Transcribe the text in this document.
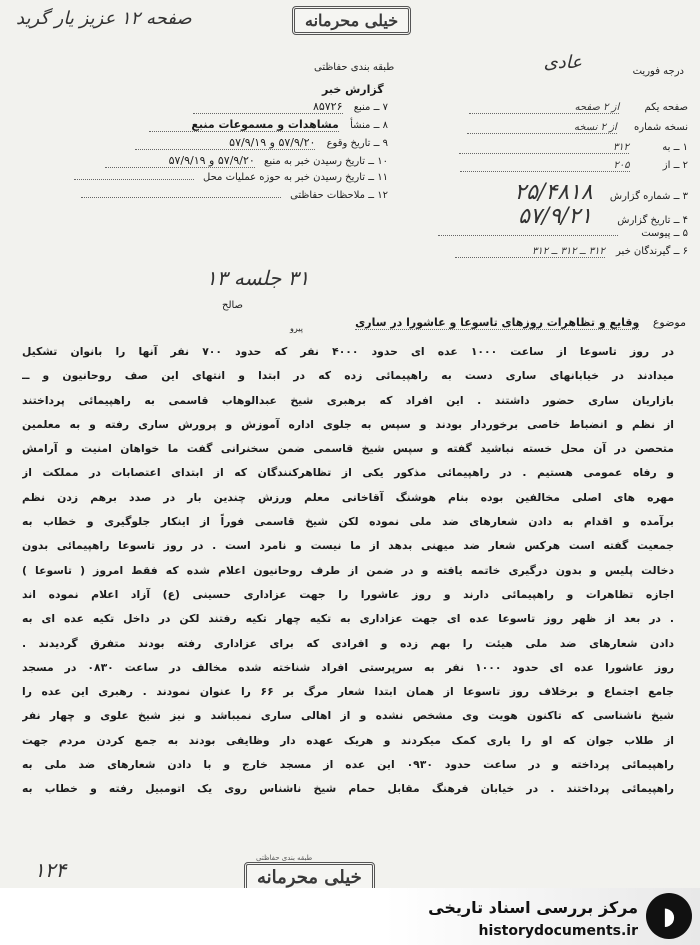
صفحه ۱۲ عزیز یار گرید	خیلی محرمانه
طبقه بندی حفاظتی
گزارش خبر
درجه فوریت
عادی
صفحه یکم از ۲ صفحه
نسخه شماره از ۲ نسخه
۱ ــ به ۳۱۲
۲ ــ از ۲۰۵
۳ ــ شماره گزارش ۲۵/۴۸۱۸
۴ ــ تاریخ گزارش ۵۷/۹/۲۱
۵ ــ پیوست
۶ ــ گیرندگان خبر ۳۱۲ ــ ۳۱۲ ــ ۳۱۲
۳۱ جلسه ۱۳
۷ ــ منبع ۸۵۷۲۶
۸ ــ منشأ مشاهدات و مسموعات منبع
۹ ــ تاریخ وقوع ۵۷/۹/۲۰ و ۵۷/۹/۱۹
۱۰ ــ تاریخ رسیدن خبر به منبع ۵۷/۹/۲۰ و ۵۷/۹/۱۹
۱۱ ــ تاریخ رسیدن خبر به حوزه عملیات محل
۱۲ ــ ملاحظات حفاظتی
صالح
پیرو	موضوع وقایع و تظاهرات روزهای تاسوعا و عاشورا در ساری
در روز تاسوعا از ساعت ۱۰۰۰ عده ای حدود ۴۰۰۰ نفر که حدود ۷۰۰ نفر آنها را بانوان تشکیل
میدادند در خیابانهای ساری دست به راهپیمائی زده که در ابتدا و انتهای این صف روحانیون و ــ
بازاریان ساری حضور داشتند . این افراد که برهبری شیخ عبدالوهاب قاسمی به راهپیمائی پرداختند
از نظم و انضباط خاصی برخوردار بودند و سپس به جلوی اداره آموزش و پرورش ساری رفته و به معلمین
متحصن در آن محل خسته نباشید گفته و سپس شیخ قاسمی ضمن سخنرانی گفت ما خواهان امنیت و آرامش
و رفاه عمومی هستیم . در راهپیمائی مذکور یکی از تظاهرکنندگان که از ابتدای اعتصابات در مملکت از
مهره های اصلی مخالفین بوده بنام هوشنگ آقاخانی معلم ورزش چندین بار در صدد برهم زدن نظم
برآمده و اقدام به دادن شعارهای ضد ملی نموده لکن شیخ قاسمی فوراً از اینکار جلوگیری و خطاب به
جمعیت گفته است هرکس شعار ضد میهنی بدهد از ما نیست و نامرد است . در روز تاسوعا راهپیمائی بدون
دخالت پلیس و بدون درگیری خاتمه یافته و در ضمن از طرف روحانیون اعلام شده که فقط امروز ( تاسوعا )
اجازه تظاهرات و راهپیمائی دارند و روز عاشورا را جهت عزاداری حسینی (ع) آزاد اعلام نموده اند
. در بعد از ظهر روز تاسوعا عده ای جهت عزاداری به تکیه چهار تکیه رفتند لکن در داخل تکیه عده ای به
دادن شعارهای ضد ملی هیئت را بهم زده و افرادی که برای عزاداری رفته بودند متفرق گردیدند .
روز عاشورا عده ای حدود ۱۰۰۰ نفر به سرپرستی افراد شناخته شده مخالف در ساعت ۰۸۳۰ در مسجد
جامع اجتماع و برخلاف روز تاسوعا از همان ابتدا شعار مرگ بر ۶۶ را عنوان نمودند . رهبری این عده را
شیخ ناشناسی که تاکنون هویت وی مشخص نشده و از اهالی ساری نمیباشد و نیز شیخ علوی و چهار نفر
از طلاب جوان که او را یاری کمک میکردند و هریک عهده دار وظایفی بودند به جمع کردن مردم جهت
راهپیمائی پرداخته و در ساعت حدود ۰۹۳۰ این عده از مسجد خارج و با دادن شعارهای ضد ملی به
راهپیمائی پرداختند . در خیابان فرهنگ مقابل حمام شیخ ناشناس روی یک اتومبیل رفته و خطاب به
۱۲۴	خیلی محرمانه
طبقه بندی حفاظتی
مرکز بررسی اسناد تاریخی
historydocuments.ir
◗
